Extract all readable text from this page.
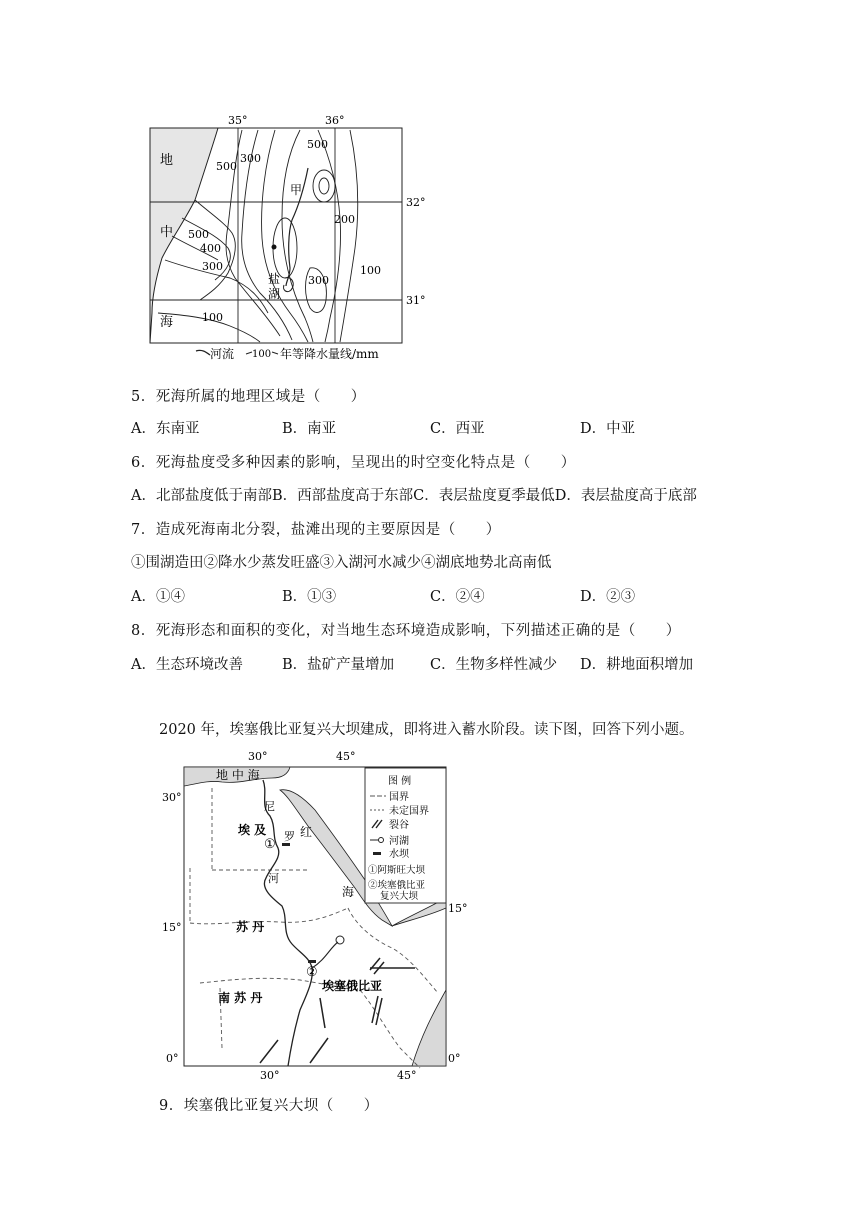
35°	36°
32°
31°
地
中
海
500
300
500
500
400
300
200
100
300
100
甲
盐
湖
河流 100 年等降水量线/mm
5．死海所属的地理区域是（　　）
A．东南亚	B．南亚	C．西亚	D．中亚
6．死海盐度受多种因素的影响，呈现出的时空变化特点是（　　）
A．北部盐度低于南部B．西部盐度高于东部C．表层盐度夏季最低D．表层盐度高于底部
7．造成死海南北分裂，盐滩出现的主要原因是（　　）
①围湖造田②降水少蒸发旺盛③入湖河水减少④湖底地势北高南低
A．①④	B．①③	C．②④	D．②③
8．死海形态和面积的变化，对当地生态环境造成影响，下列描述正确的是（　　）
A．生态环境改善	B．盐矿产量增加 C．生物多样性减少 D．耕地面积增加
2020 年，埃塞俄比亚复兴大坝建成，即将进入蓄水阶段。读下图，回答下列小题。
30°	45°
30°	45°
30°
15°
0°
15°
0°
地 中 海
红
海
尼
罗
河
埃 及
苏 丹
南 苏 丹
埃塞俄比亚
①
②
图 例
国界
未定国界
裂谷
河湖
水坝
①阿斯旺大坝
②埃塞俄比亚
复兴大坝
9．埃塞俄比亚复兴大坝（　　）
